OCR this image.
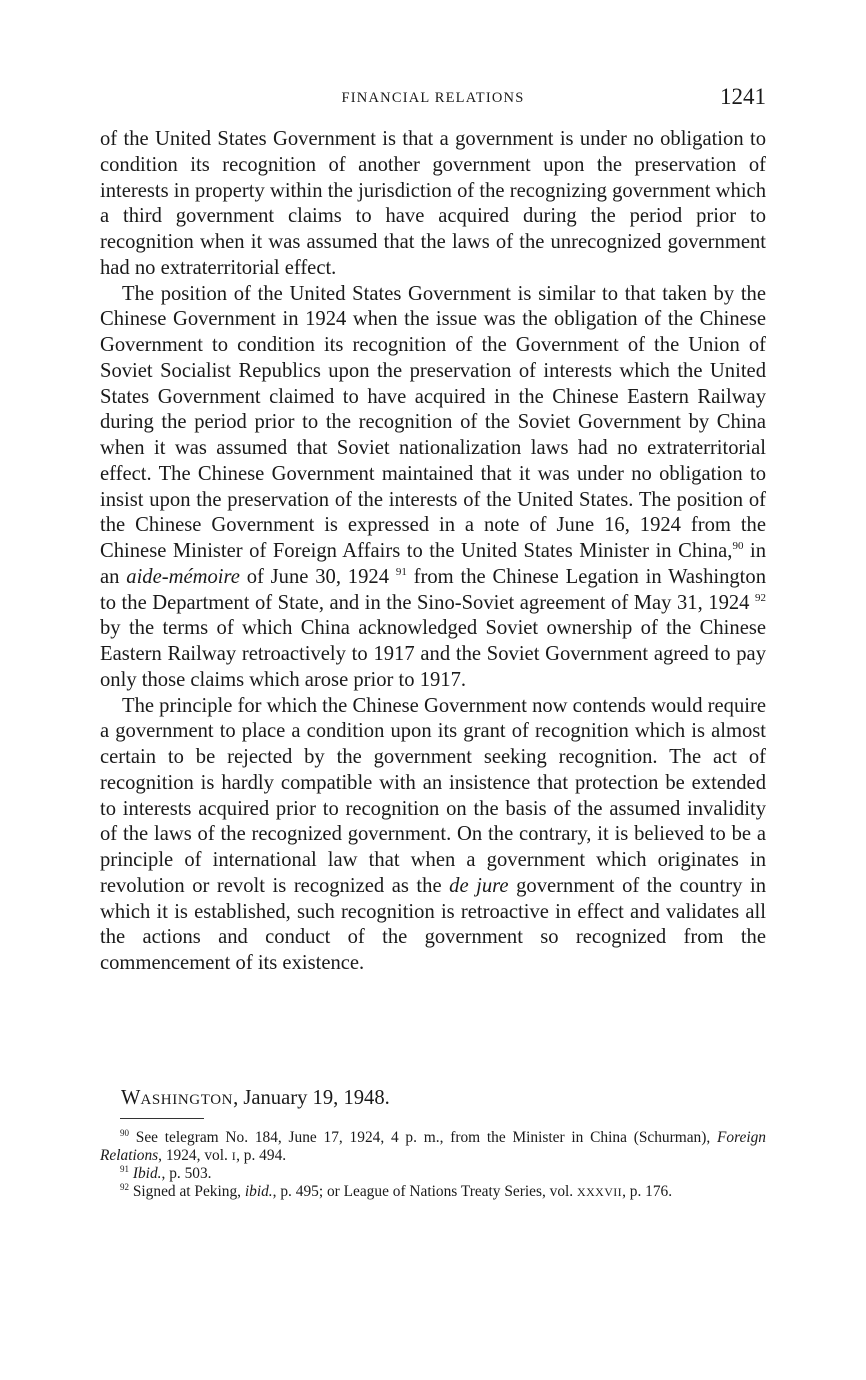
FINANCIAL RELATIONS	1241

of the United States Government is that a government is under no obligation to condition its recognition of another government upon the preservation of interests in property within the jurisdiction of the recognizing government which a third government claims to have acquired during the period prior to recognition when it was assumed that the laws of the unrecognized government had no extraterritorial effect.

The position of the United States Government is similar to that taken by the Chinese Government in 1924 when the issue was the obligation of the Chinese Government to condition its recognition of the Government of the Union of Soviet Socialist Republics upon the preservation of interests which the United States Government claimed to have acquired in the Chinese Eastern Railway during the period prior to the recognition of the Soviet Government by China when it was assumed that Soviet nationalization laws had no extraterritorial effect. The Chinese Government maintained that it was under no obligation to insist upon the preservation of the interests of the United States. The position of the Chinese Government is expressed in a note of June 16, 1924 from the Chinese Minister of Foreign Affairs to the United States Minister in China,$^{90}$ in an aide-mémoire of June 30, 1924 $^{91}$ from the Chinese Legation in Washington to the Department of State, and in the Sino-Soviet agreement of May 31, 1924 $^{92}$ by the terms of which China acknowledged Soviet ownership of the Chinese Eastern Railway retroactively to 1917 and the Soviet Government agreed to pay only those claims which arose prior to 1917.

The principle for which the Chinese Government now contends would require a government to place a condition upon its grant of recognition which is almost certain to be rejected by the government seeking recognition. The act of recognition is hardly compatible with an insistence that protection be extended to interests acquired prior to recognition on the basis of the assumed invalidity of the laws of the recognized government. On the contrary, it is believed to be a principle of international law that when a government which originates in revolution or revolt is recognized as the de jure government of the country in which it is established, such recognition is retroactive in effect and validates all the actions and conduct of the government so recognized from the commencement of its existence.

WASHINGTON, January 19, 1948.

$^{90}$ See telegram No. 184, June 17, 1924, 4 p. m., from the Minister in China (Schurman), Foreign Relations, 1924, vol. I, p. 494.

$^{91}$ Ibid., p. 503.

$^{92}$ Signed at Peking, ibid., p. 495; or League of Nations Treaty Series, vol. XXXVII, p. 176.
